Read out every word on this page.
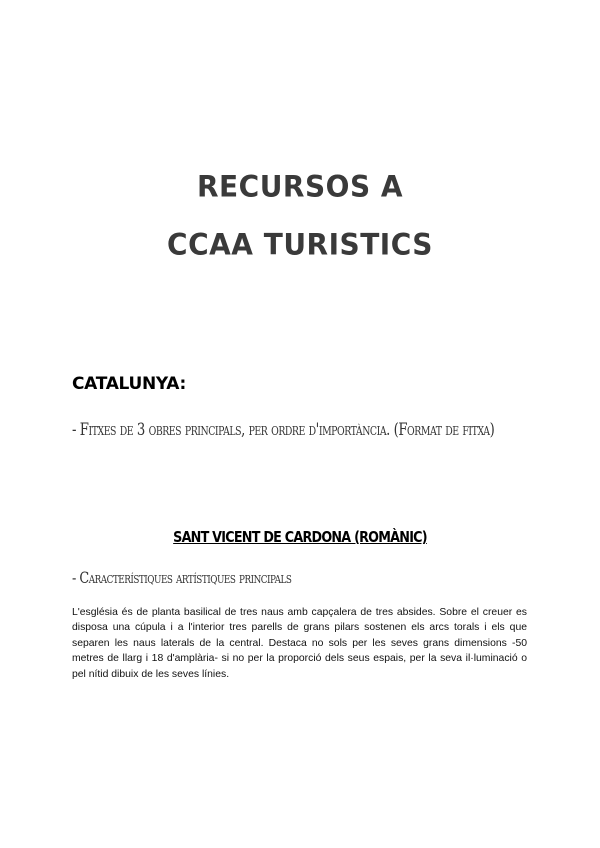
RECURSOS A
CCAA TURISTICS
CATALUNYA:
- Fitxes de 3 obres principals, per ordre d'importància. (Format de fitxa)
SANT VICENT DE CARDONA (ROMÀNIC)
- Característiques artístiques principals
L'església és de planta basilical de tres naus amb capçalera de tres absides. Sobre el creuer es disposa una cúpula i a l'interior tres parells de grans pilars sostenen els arcs torals i els que separen les naus laterals de la central. Destaca no sols per les seves grans dimensions -50 metres de llarg i 18 d'amplària- si no per la proporció dels seus espais, per la seva il·luminació o pel nítid dibuix de les seves línies.
